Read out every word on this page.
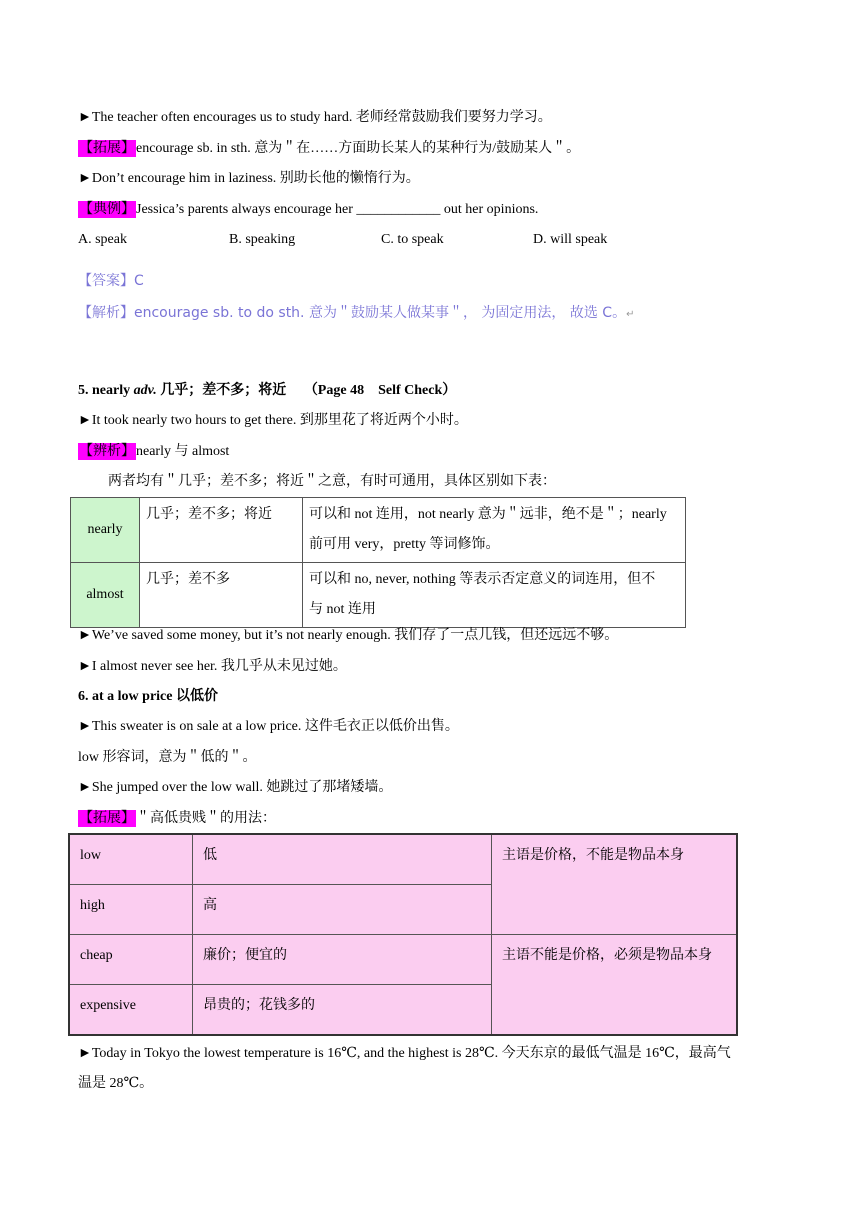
►The teacher often encourages us to study hard. 老师经常鼓励我们要努力学习。
【拓展】encourage sb. in sth. 意为＂在……方面助长某人的某种行为/鼓励某人＂。
►Don’t encourage him in laziness. 别助长他的懒惰行为。
【典例】Jessica’s parents always encourage her ____________ out her opinions.
A. speak	B. speaking	C. to speak	D. will speak
【答案】C
【解析】encourage sb. to do sth. 意为＂鼓励某人做某事＂， 为固定用法， 故选 C。↵
5. nearly adv. 几乎；差不多；将近 （Page 48　Self Check）
►It took nearly two hours to get there. 到那里花了将近两个小时。
【辨析】nearly 与 almost
两者均有＂几乎；差不多；将近＂之意，有时可通用，具体区别如下表：
nearly	几乎；差不多；将近	可以和 not 连用，not nearly 意为＂远非，绝不是＂；nearly
前可用 very，pretty 等词修饰。
almost	几乎；差不多	可以和 no, never, nothing 等表示否定意义的词连用，但不
与 not 连用
►We’ve saved some money, but it’s not nearly enough. 我们存了一点儿钱，但还远远不够。
►I almost never see her. 我几乎从未见过她。
6. at a low price 以低价
►This sweater is on sale at a low price. 这件毛衣正以低价出售。
low 形容词，意为＂低的＂。
►She jumped over the low wall. 她跳过了那堵矮墙。
【拓展】＂高低贵贱＂的用法：
low	低	主语是价格，不能是物品本身
high	高	
cheap	廉价；便宜的	主语不能是价格，必须是物品本身
expensive	昂贵的；花钱多的	
►Today in Tokyo the lowest temperature is 16℃, and the highest is 28℃. 今天东京的最低气温是 16℃，最高气
温是 28℃。
